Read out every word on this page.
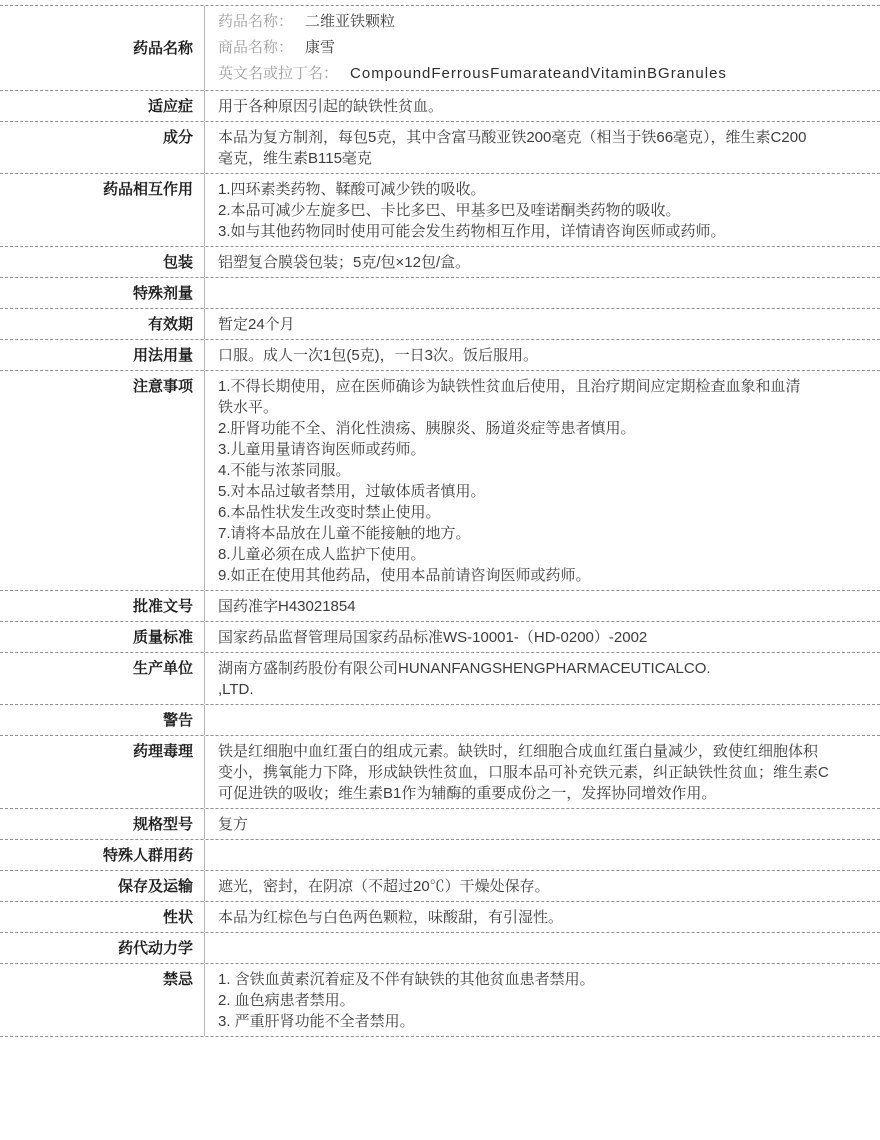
药品名称
药品名称： 二维亚铁颗粒
商品名称： 康雪
英文名或拉丁名： CompoundFerrousFumarateandVitaminBGranules
适应症	用于各种原因引起的缺铁性贫血。
成分	本品为复方制剂，每包5克，其中含富马酸亚铁200毫克（相当于铁66毫克），维生素C200
毫克，维生素B115毫克
药品相互作用	1.四环素类药物、鞣酸可减少铁的吸收。
2.本品可减少左旋多巴、卡比多巴、甲基多巴及喹诺酮类药物的吸收。
3.如与其他药物同时使用可能会发生药物相互作用，详情请咨询医师或药师。
包装	铝塑复合膜袋包装；5克/包×12包/盒。
特殊剂量
有效期	暂定24个月
用法用量	口服。成人一次1包(5克)，一日3次。饭后服用。
注意事项	1.不得长期使用，应在医师确诊为缺铁性贫血后使用，且治疗期间应定期检查血象和血清
铁水平。
2.肝肾功能不全、消化性溃疡、胰腺炎、肠道炎症等患者慎用。
3.儿童用量请咨询医师或药师。
4.不能与浓茶同服。
5.对本品过敏者禁用，过敏体质者慎用。
6.本品性状发生改变时禁止使用。
7.请将本品放在儿童不能接触的地方。
8.儿童必须在成人监护下使用。
9.如正在使用其他药品，使用本品前请咨询医师或药师。
批准文号	国药准字H43021854
质量标准	国家药品监督管理局国家药品标准WS-10001-（HD-0200）-2002
生产单位	湖南方盛制药股份有限公司HUNANFANGSHENGPHARMACEUTICALCO.
,LTD.
警告
药理毒理	铁是红细胞中血红蛋白的组成元素。缺铁时，红细胞合成血红蛋白量减少，致使红细胞体积
变小，携氧能力下降，形成缺铁性贫血，口服本品可补充铁元素，纠正缺铁性贫血；维生素C
可促进铁的吸收；维生素B1作为辅酶的重要成份之一，发挥协同增效作用。
规格型号	复方
特殊人群用药
保存及运输	遮光，密封，在阴凉（不超过20℃）干燥处保存。
性状	本品为红棕色与白色两色颗粒，味酸甜，有引湿性。
药代动力学
禁忌	1. 含铁血黄素沉着症及不伴有缺铁的其他贫血患者禁用。
2. 血色病患者禁用。
3. 严重肝肾功能不全者禁用。
